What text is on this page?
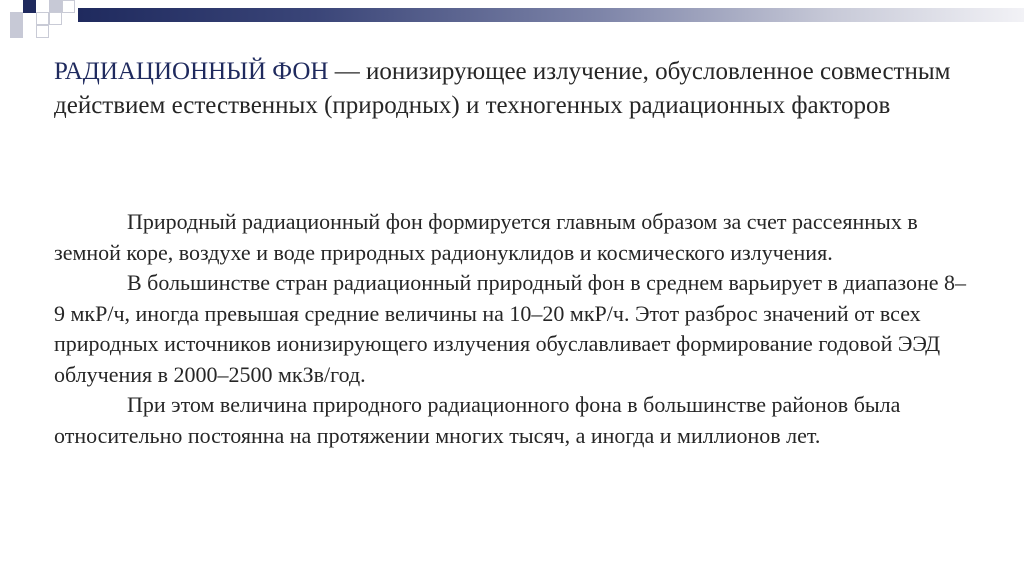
РАДИАЦИОННЫЙ ФОН — ионизирующее излучение, обусловленное совместным действием естественных (природных) и техногенных радиационных факторов

Природный радиационный фон формируется главным образом за счет рассеянных в земной коре, воздухе и воде природных радионуклидов и космического излучения.

В большинстве стран радиационный природный фон в среднем варьирует в диапазоне 8–9 мкР/ч, иногда превышая средние величины на 10–20 мкР/ч. Этот разброс значений от всех природных источников ионизирующего излучения обуславливает формирование годовой ЭЭД облучения в 2000–2500 мкЗв/год.

При этом величина природного радиационного фона в большинстве районов была относительно постоянна на протяжении многих тысяч, а иногда и миллионов лет.
